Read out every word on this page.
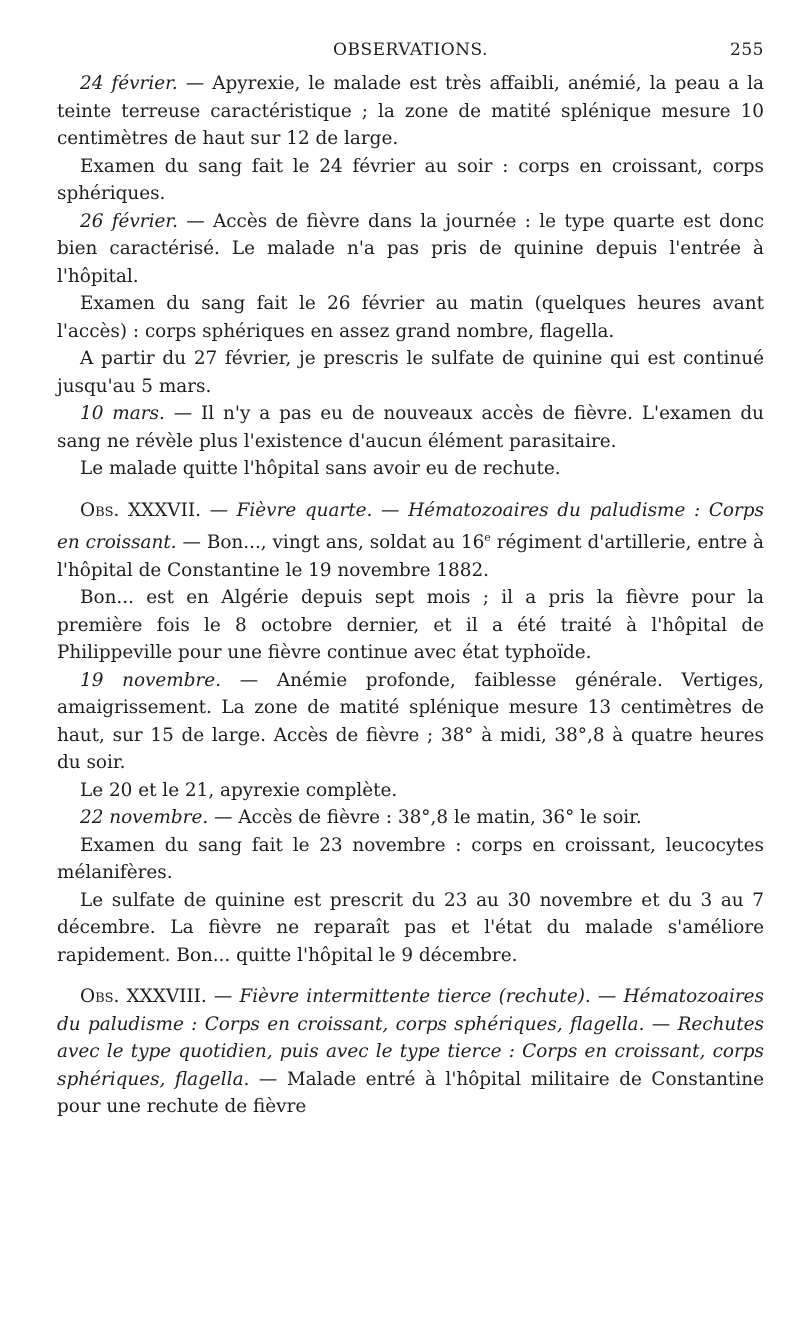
OBSERVATIONS.	255

24 février. — Apyrexie, le malade est très affaibli, anémié, la peau a la teinte terreuse caractéristique ; la zone de matité splénique mesure 10 centimètres de haut sur 12 de large.

Examen du sang fait le 24 février au soir : corps en croissant, corps sphériques.

26 février. — Accès de fièvre dans la journée : le type quarte est donc bien caractérisé. Le malade n'a pas pris de quinine depuis l'entrée à l'hôpital.

Examen du sang fait le 26 février au matin (quelques heures avant l'accès) : corps sphériques en assez grand nombre, flagella.

A partir du 27 février, je prescris le sulfate de quinine qui est continué jusqu'au 5 mars.

10 mars. — Il n'y a pas eu de nouveaux accès de fièvre. L'examen du sang ne révèle plus l'existence d'aucun élément parasitaire.

Le malade quitte l'hôpital sans avoir eu de rechute.

Obs. XXXVII. — Fièvre quarte. — Hématozoaires du paludisme : Corps en croissant. — Bon..., vingt ans, soldat au 16e régiment d'artillerie, entre à l'hôpital de Constantine le 19 novembre 1882.

Bon... est en Algérie depuis sept mois ; il a pris la fièvre pour la première fois le 8 octobre dernier, et il a été traité à l'hôpital de Philippeville pour une fièvre continue avec état typhoïde.

19 novembre. — Anémie profonde, faiblesse générale. Vertiges, amaigrissement. La zone de matité splénique mesure 13 centimètres de haut, sur 15 de large. Accès de fièvre ; 38° à midi, 38°,8 à quatre heures du soir.

Le 20 et le 21, apyrexie complète.

22 novembre. — Accès de fièvre : 38°,8 le matin, 36° le soir.

Examen du sang fait le 23 novembre : corps en croissant, leucocytes mélanifères.

Le sulfate de quinine est prescrit du 23 au 30 novembre et du 3 au 7 décembre. La fièvre ne reparaît pas et l'état du malade s'améliore rapidement. Bon... quitte l'hôpital le 9 décembre.

Obs. XXXVIII. — Fièvre intermittente tierce (rechute). — Hématozoaires du paludisme : Corps en croissant, corps sphériques, flagella. — Rechutes avec le type quotidien, puis avec le type tierce : Corps en croissant, corps sphériques, flagella. — Malade entré à l'hôpital militaire de Constantine pour une rechute de fièvre
